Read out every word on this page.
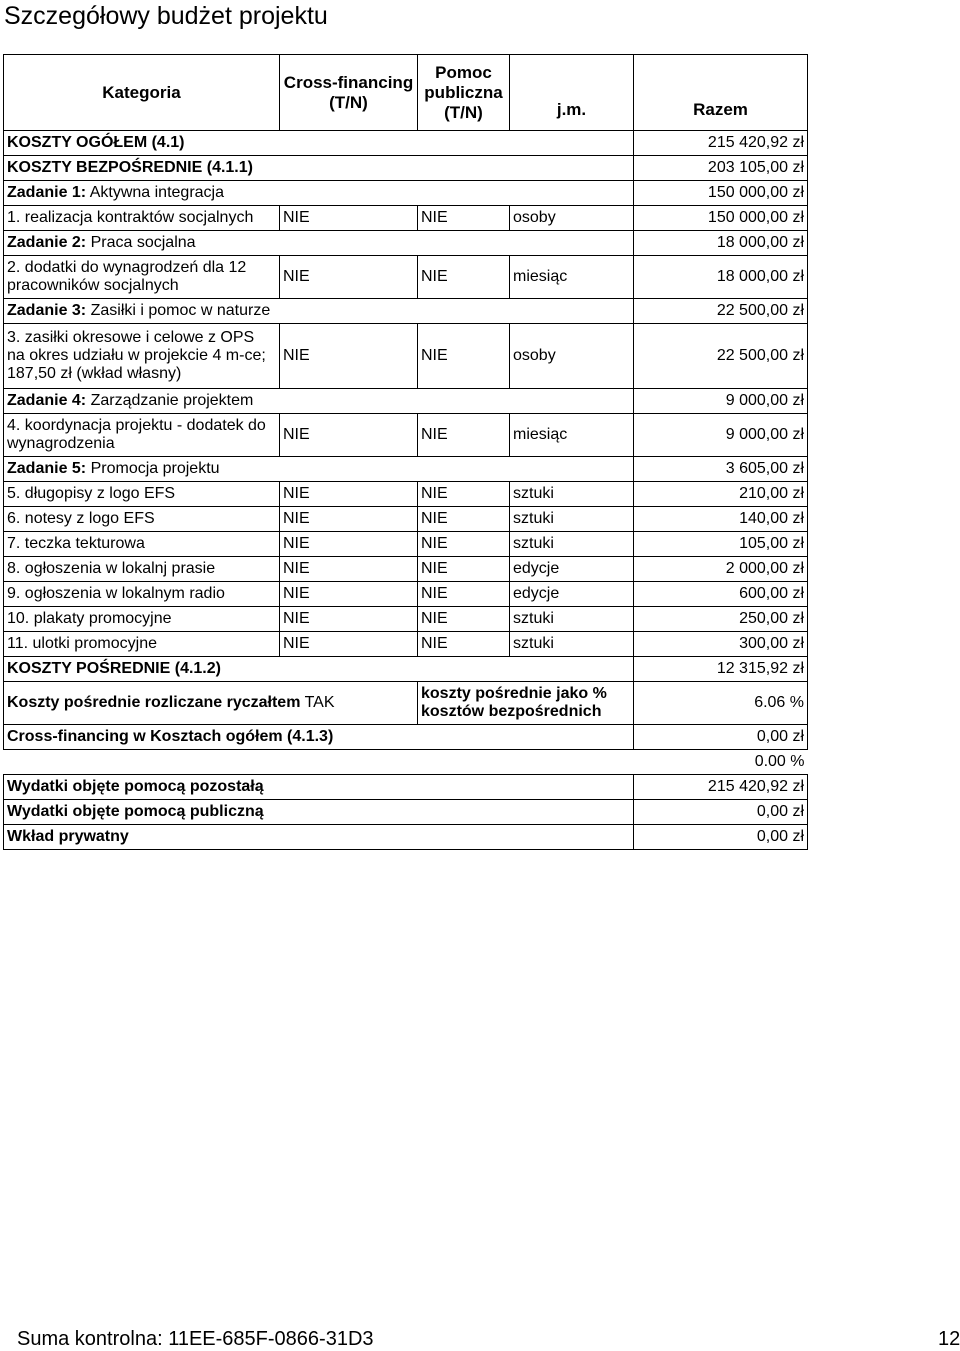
Szczegółowy budżet projektu
Kategoria	Cross-financing (T/N)	Pomoc publiczna (T/N)	j.m.	Razem
KOSZTY OGÓŁEM (4.1)				215 420,92 zł
KOSZTY BEZPOŚREDNIE (4.1.1)				203 105,00 zł
Zadanie 1: Aktywna integracja				150 000,00 zł
1. realizacja kontraktów socjalnych	NIE	NIE	osoby	150 000,00 zł
Zadanie 2: Praca socjalna				18 000,00 zł
2. dodatki do wynagrodzeń dla 12 pracowników socjalnych	NIE	NIE	miesiąc	18 000,00 zł
Zadanie 3: Zasiłki i pomoc w naturze				22 500,00 zł
3. zasiłki okresowe i celowe z OPS na okres udziału w projekcie 4 m-ce; 187,50 zł (wkład własny)	NIE	NIE	osoby	22 500,00 zł
Zadanie 4: Zarządzanie projektem				9 000,00 zł
4. koordynacja projektu - dodatek do wynagrodzenia	NIE	NIE	miesiąc	9 000,00 zł
Zadanie 5: Promocja projektu				3 605,00 zł
5. długopisy z logo EFS	NIE	NIE	sztuki	210,00 zł
6. notesy z logo EFS	NIE	NIE	sztuki	140,00 zł
7. teczka tekturowa	NIE	NIE	sztuki	105,00 zł
8. ogłoszenia w lokalnj prasie	NIE	NIE	edycje	2 000,00 zł
9. ogłoszenia w lokalnym radio	NIE	NIE	edycje	600,00 zł
10. plakaty promocyjne	NIE	NIE	sztuki	250,00 zł
11. ulotki promocyjne	NIE	NIE	sztuki	300,00 zł
KOSZTY POŚREDNIE (4.1.2)				12 315,92 zł
Koszty pośrednie rozliczane ryczałtem TAK		koszty pośrednie jako % kosztów bezpośrednich		6.06 %
Cross-financing w Kosztach ogółem (4.1.3)				0,00 zł
				0.00 %
Wydatki objęte pomocą pozostałą				215 420,92 zł
Wydatki objęte pomocą publiczną				0,00 zł
Wkład prywatny				0,00 zł
Suma kontrolna: 11EE-685F-0866-31D3	12
